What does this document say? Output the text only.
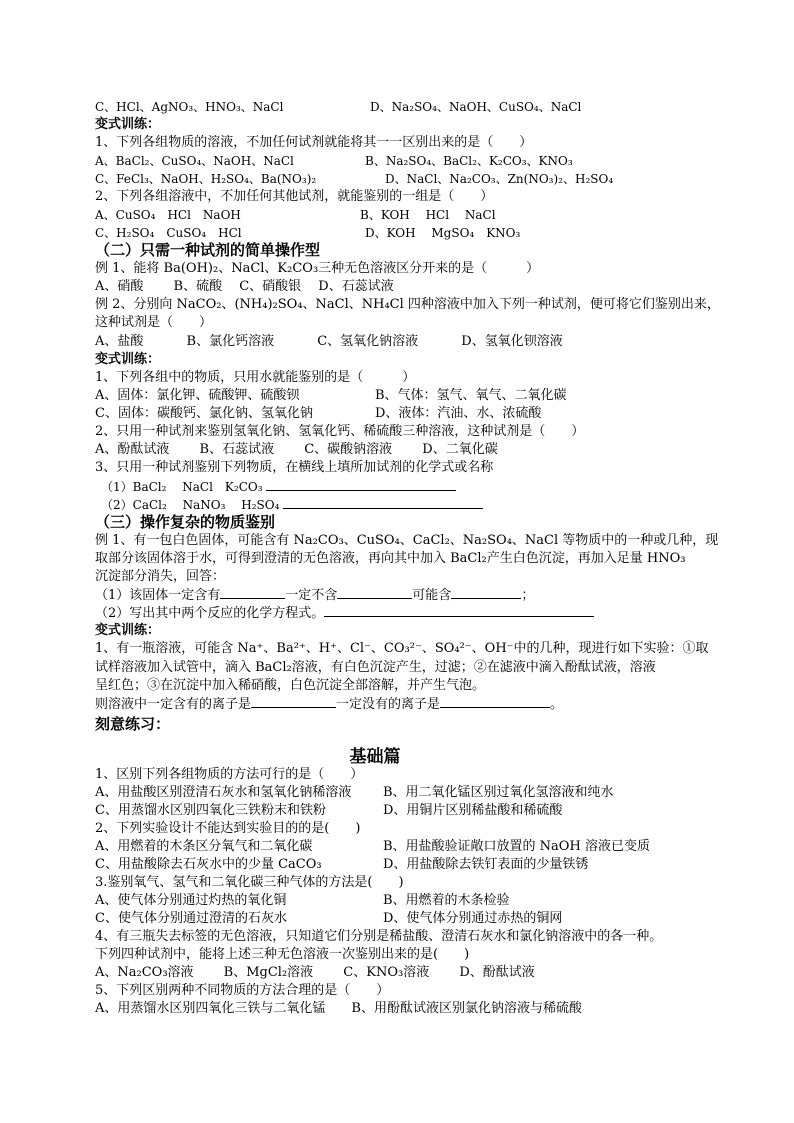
C、HCl、AgNO₃、HNO₃、NaCl	D、Na₂SO₄、NaOH、CuSO₄、NaCl
变式训练：
1、下列各组物质的溶液，不加任何试剂就能将其一一区别出来的是（　　）
A、BaCl₂、CuSO₄、NaOH、NaCl	B、Na₂SO₄、BaCl₂、K₂CO₃、KNO₃
C、FeCl₃、NaOH、H₂SO₄、Ba(NO₃)₂	D、NaCl、Na₂CO₃、Zn(NO₃)₂、H₂SO₄
2、下列各组溶液中，不加任何其他试剂，就能鉴别的一组是（　　）
A、CuSO₄　HCl　NaOH	B、KOH　 HCl　 NaCl
C、H₂SO₄　CuSO₄　HCl	D、KOH　 MgSO₄　KNO₃
（二）只需一种试剂的简单操作型
例 1、能将 Ba(OH)₂、NaCl、K₂CO₃三种无色溶液区分开来的是（　　　）
A、硝酸　　 B、硫酸　 C、硝酸银　 D、石蕊试液
例 2、分别向 NaCO₂、(NH₄)₂SO₄、NaCl、NH₄Cl 四种溶液中加入下列一种试剂，便可将它们鉴别出来，
这种试剂是（　　）
A、盐酸　　　 B、氯化钙溶液　　　 C、氢氧化钠溶液　　　 D、氢氧化钡溶液
变式训练：
1、下列各组中的物质，只用水就能鉴别的是（　　　）
A、固体：氯化钾、硫酸钾、硫酸钡	B、气体：氢气、氧气、二氧化碳
C、固体：碳酸钙、氯化钠、氢氧化钠	D、液体：汽油、水、浓硫酸
2、只用一种试剂来鉴别氢氧化钠、氢氧化钙、稀硫酸三种溶液，这种试剂是（　　）
A、酚酞试液　　 B、石蕊试液　　 C、碳酸钠溶液　　 D、二氧化碳
3、只用一种试剂鉴别下列物质，在横线上填所加试剂的化学式或名称
　（1）BaCl₂　 NaCl　K₂CO₃
　（2）CaCl₂　 NaNO₃　 H₂SO₄
（三）操作复杂的物质鉴别
例 1、有一包白色固体，可能含有 Na₂CO₃、CuSO₄、CaCl₂、Na₂SO₄、NaCl 等物质中的一种或几种，现
取部分该固体溶于水，可得到澄清的无色溶液，再向其中加入 BaCl₂产生白色沉淀，再加入足量 HNO₃
沉淀部分消失，回答：
（1）该固体一定含有	一定不含	可能含	；
（2）写出其中两个反应的化学方程式。
变式训练：
1、有一瓶溶液，可能含 Na⁺、Ba²⁺、H⁺、Cl⁻、CO₃²⁻、SO₄²⁻、OH⁻中的几种，现进行如下实验：①取
试样溶液加入试管中，滴入 BaCl₂溶液，有白色沉淀产生，过滤；②在滤液中滴入酚酞试液，溶液
呈红色；③在沉淀中加入稀硝酸，白色沉淀全部溶解，并产生气泡。
则溶液中一定含有的离子是	一定没有的离子是	。
刻意练习：
基础篇
1、区别下列各组物质的方法可行的是（　　）
A、用盐酸区别澄清石灰水和氢氧化钠稀溶液 B、用二氧化锰区别过氧化氢溶液和纯水
C、用蒸馏水区别四氧化三铁粉末和铁粉	D、用铜片区别稀盐酸和稀硫酸
2、下列实验设计不能达到实验目的的是(　　)
A、用燃着的木条区分氧气和二氧化碳	B、用盐酸验证敞口放置的 NaOH 溶液已变质
C、用盐酸除去石灰水中的少量 CaCO₃	D、用盐酸除去铁钉表面的少量铁锈
3.鉴别氧气、氢气和二氧化碳三种气体的方法是(　　)
A、使气体分别通过灼热的氧化铜	B、用燃着的木条检验
C、使气体分别通过澄清的石灰水	D、使气体分别通过赤热的铜网
4、有三瓶失去标签的无色溶液，只知道它们分别是稀盐酸、澄清石灰水和氯化钠溶液中的各一种。
下列四种试剂中，能将上述三种无色溶液一次鉴别出来的是(　　)
A、Na₂CO₃溶液　　 B、MgCl₂溶液　　 C、KNO₃溶液　　 D、酚酞试液
5、下列区别两种不同物质的方法合理的是（　　）
A、用蒸馏水区别四氧化三铁与二氧化锰　　B、用酚酞试液区别氯化钠溶液与稀硫酸
